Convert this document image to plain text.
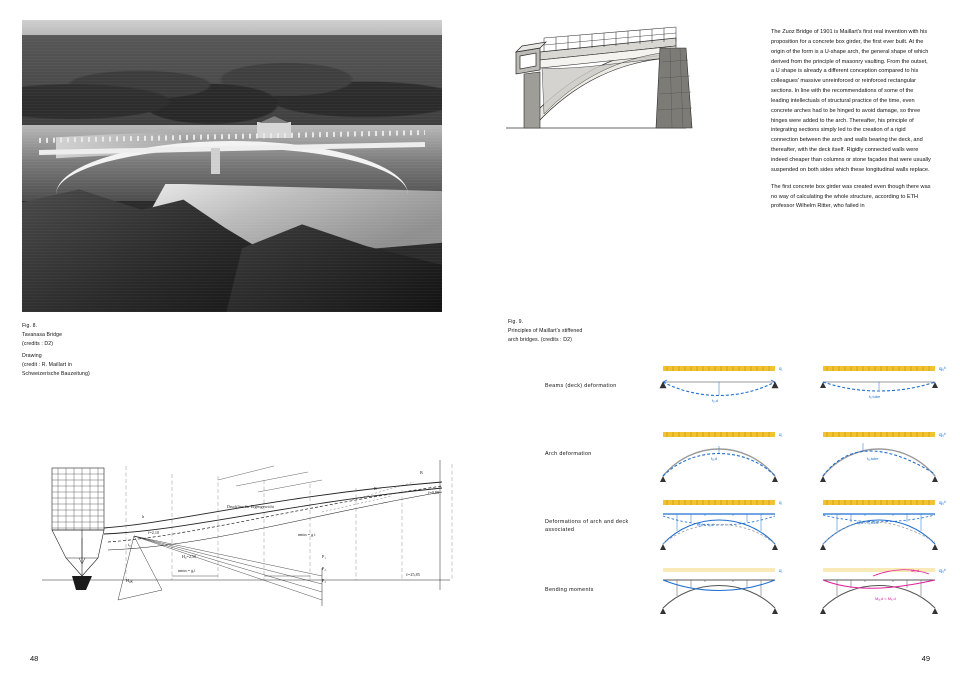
Fig. 8.
Tavanasa Bridge
(credits : D2)
Drawing
(credit : R. Maillart in
Schweizerische Bauzeitung)
h
f=2,10
t₀
Druckline für Eigengewicht
R
B
f=0,88
ℓ=25,85
nmin = g t
P₁
P₂
P₃
H₀=2,50
nmin = g,t
H₀g
48
Fig. 9.
Principles of Maillart's stiffened
arch bridges. (credits : D2)

The Zuoz Bridge of 1901 is Maillart's first real invention with his proposition for a concrete box girder, the first ever built. At the origin of the form is a U-shape arch, the general shape of which derived from the principle of masonry vaulting. From the outset, a U shape is already a different conception compared to his colleagues' massive unreinforced or reinforced rectangular sections. In line with the recommendations of some of the leading intellectuals of structural practice of the time, even concrete arches had to be hinged to avoid damage, so three hinges were added to the arch. Thereafter, his principle of integrating sections simply led to the creation of a rigid connection between the arch and walls bearing the deck, and thereafter, with the deck itself. Rigidly connected walls were indeed cheaper than columns or stone façades that were usually suspended on both sides which these longitudinal walls replace.

The first concrete box girder was created even though there was no way of calculating the whole structure, according to ETH professor Wilhelm Ritter, who failed in

Beams (deck) deformation
fₒ,d
q
fₓ,tube
qⱼᵤᵇ
Arch deformation
fₐ,d
q
fₐ,tube
qⱼᵤᵇ
Deformations of arch and deck associated
fₐ,d < fₒ,d
q
fₐ,d < fₓ,tube
qⱼᵤᵇ
Bending moments
q	Mₓ,d
Mₐ,d < Mₓ,d
qⱼᵤᵇ
49
